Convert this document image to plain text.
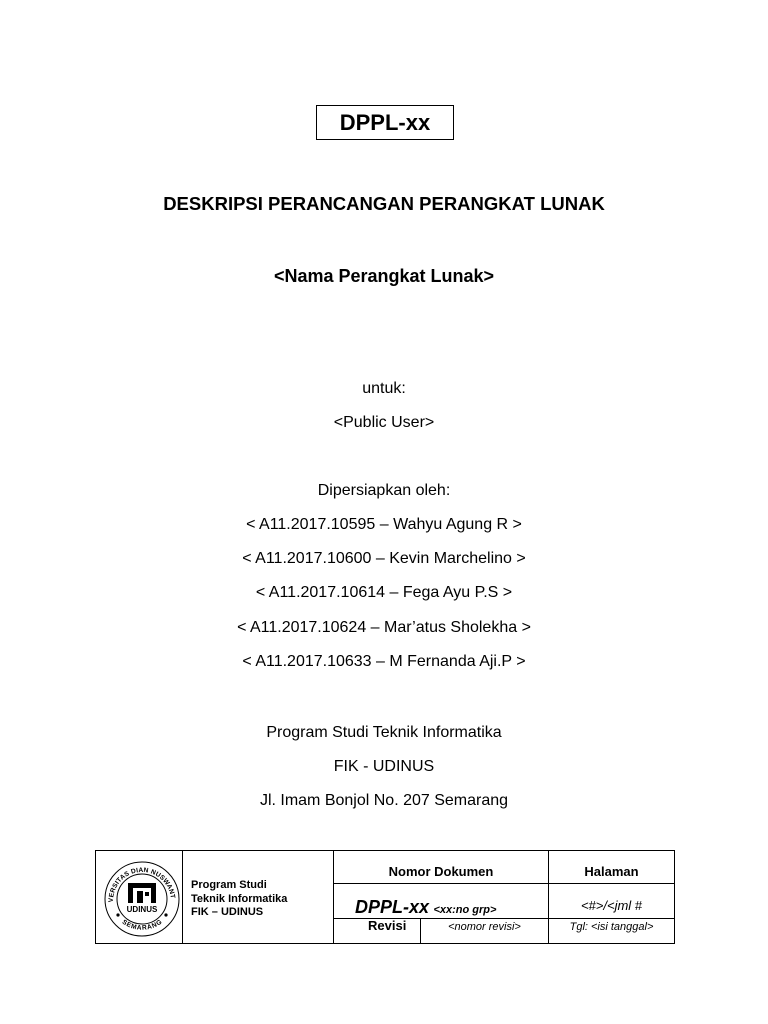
DPPL-xx
DESKRIPSI PERANCANGAN PERANGKAT LUNAK
<Nama Perangkat Lunak>
untuk:
<Public User>
Dipersiapkan oleh:
< A11.2017.10595 – Wahyu Agung R >
< A11.2017.10600 – Kevin Marchelino >
< A11.2017.10614 – Fega Ayu P.S >
< A11.2017.10624 – Mar’atus Sholekha >
< A11.2017.10633 – M Fernanda Aji.P >
Program Studi Teknik Informatika
FIK - UDINUS
Jl. Imam Bonjol No. 207 Semarang
VERSITAS DIAN NUSWANT
SEMARANG
UDINUS
Program Studi
Teknik Informatika
FIK – UDINUS
Nomor Dokumen	Halaman
DPPL-xx <xx:no grp>	<#>/<jml #
Revisi	<nomor revisi>	Tgl: <isi tanggal>
